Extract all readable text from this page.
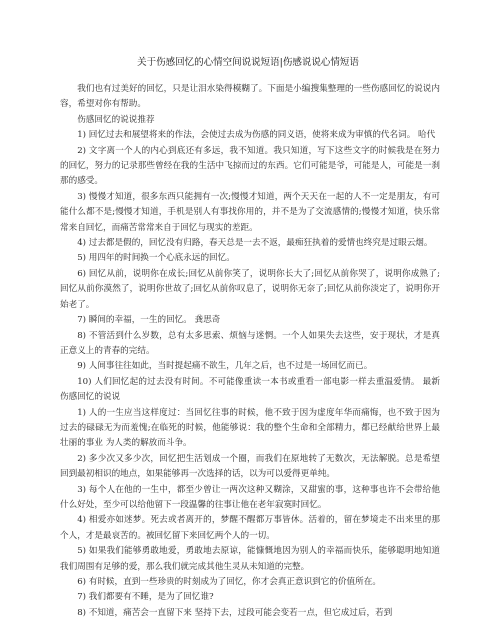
关于伤感回忆的心情空间说说短语|伤感说说心情短语

我们也有过美好的回忆，只是让泪水染得模糊了。下面是小编搜集整理的一些伤感回忆的说说内容，希望对你有帮助。

伤感回忆的说说推荐

1) 回忆过去和展望将来的作法，会使过去成为伤感的同义语，使将来成为审慎的代名词。 哈代

2) 文字离一个人的内心到底还有多远，我不知道。我只知道，写下这些文字的时候我是在努力的回忆，努力的记录那些曾经在我的生活中飞掠而过的东西。它们可能是爷，可能是人，可能是一刹那的感受。

3) 慢慢才知道，很多东西只能拥有一次;慢慢才知道，两个天天在一起的人不一定是朋友，有可能什么都不是;慢慢才知道，手机是别人有事找你用的，并不是为了交流感情的;慢慢才知道，快乐常常来自回忆，而痛苦常常来自于回忆与现实的差距。

4) 过去都是假的，回忆没有归路，春天总是一去不返，最痴狂执着的爱情也终究是过眼云烟。

5) 用四年的时间换一个心底永远的回忆。

6) 回忆从前，说明你在成长;回忆从前你笑了，说明你长大了;回忆从前你哭了，说明你成熟了;回忆从前你漠然了，说明你世故了;回忆从前你叹息了，说明你无奈了;回忆从前你淡定了，说明你开始老了。

7) 瞬间的幸福，一生的回忆。 龚思奇

8) 不管活到什么岁数，总有太多思索、烦恼与迷惘。一个人如果失去这些，安于现状，才是真正意义上的青春的完结。

9) 人间事往往如此，当时提起痛不欲生，几年之后，也不过是一场回忆而已。

10) 人们回忆起的过去没有时间。不可能像重读一本书或重看一部电影一样去重温爱情。 最新伤感回忆的说说

1) 人的一生应当这样度过：当回忆往事的时候，他不致于因为虚度年华而痛悔，也不致于因为过去的碌碌无为而羞愧;在临死的时候，他能够说：我的整个生命和全部精力，都已经献给世界上最壮丽的事业 为人类的解放而斗争。

2) 多少次又多少次，回忆把生活划成一个圈，而我们在原地转了无数次，无法解脱。总是希望回到最初相识的地点，如果能够再一次选择的话，以为可以爱得更单纯。

3) 每个人在他的一生中，都至少曾让一两次这种又糊涂，又甜蜜的事，这种事也许不会带给他什么好处，至少可以给他留下一段温馨的往事让他在老年寂寞时回忆。

4) 相爱亦如迷梦。死去或者离开的，梦醒不醒都万事皆休。活着的，留在梦境走不出来里的那个人，才是最哀苦的。被回忆留下来回忆两个人的一切。

5) 如果我们能够勇敢地爱，勇敢地去原谅，能慷慨地因为别人的幸福而快乐，能够聪明地知道我们周围有足够的爱，那么我们就完成其他生灵从未知道的完整。

6) 有时候，直到一些珍贵的时刻成为了回忆，你才会真正意识到它的价值所在。

7) 我们都要有不睡，是为了回忆谁?

8) 不知道，痛苦会一直留下来 坚持下去，过段可能会变若一点，但它成过后，若到
